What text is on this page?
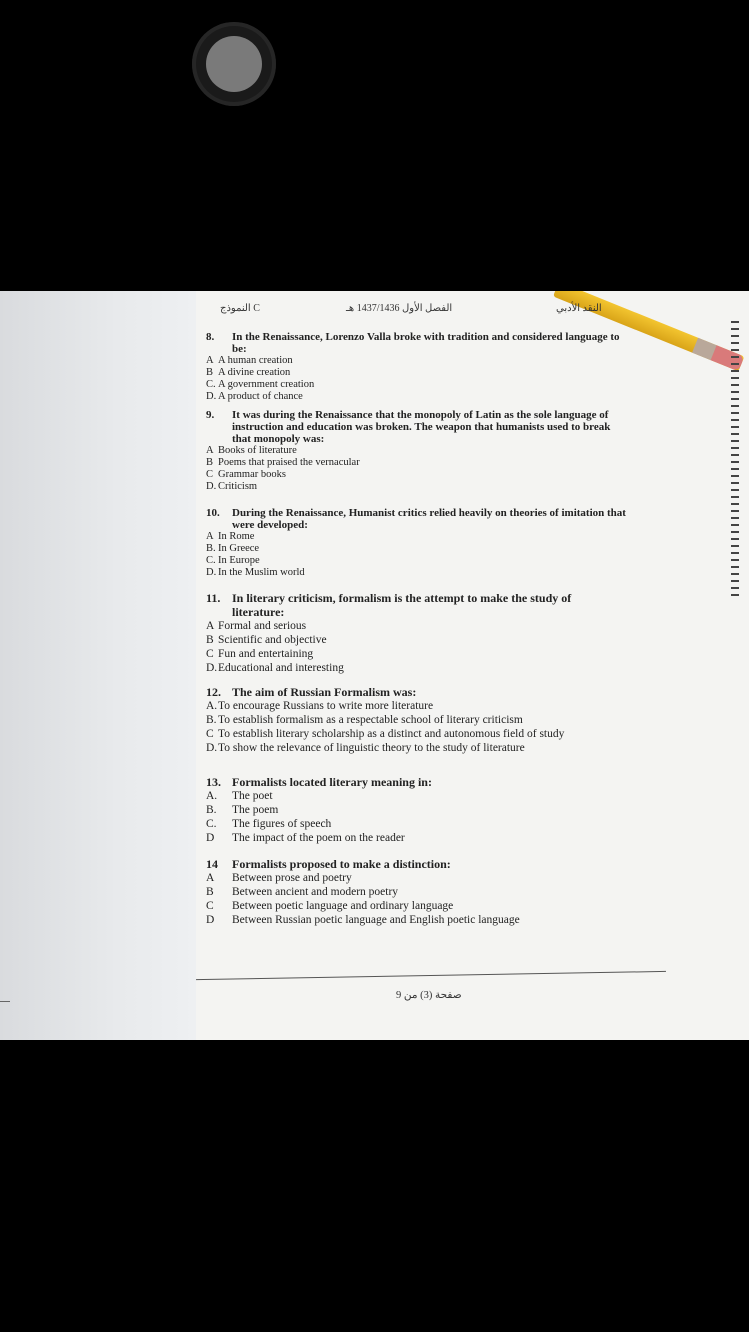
النقد الأدبي
الفصل الأول 1437/1436 هـ
النموذج C
8.	In the Renaissance, Lorenzo Valla broke with tradition and considered language to be:
A A human creation
B A divine creation
C. A government creation
D. A product of chance
9.	It was during the Renaissance that the monopoly of Latin as the sole language of instruction and education was broken. The weapon that humanists used to break that monopoly was:
A Books of literature
B Poems that praised the vernacular
C Grammar books
D. Criticism
10.	During the Renaissance, Humanist critics relied heavily on theories of imitation that were developed:
A In Rome
B. In Greece
C. In Europe
D. In the Muslim world
11. In literary criticism, formalism is the attempt to make the study of literature:
A Formal and serious
B Scientific and objective
C Fun and entertaining
D. Educational and interesting
12. The aim of Russian Formalism was:
A. To encourage Russians to write more literature
B. To establish formalism as a respectable school of literary criticism
C To establish literary scholarship as a distinct and autonomous field of study
D. To show the relevance of linguistic theory to the study of literature
13. Formalists located literary meaning in:
A.	The poet
B.	The poem
C.	The figures of speech
D	The impact of the poem on the reader
14	Formalists proposed to make a distinction:
A	Between prose and poetry
B	Between ancient and modern poetry
C	Between poetic language and ordinary language
D	Between Russian poetic language and English poetic language
صفحة (3) من 9
